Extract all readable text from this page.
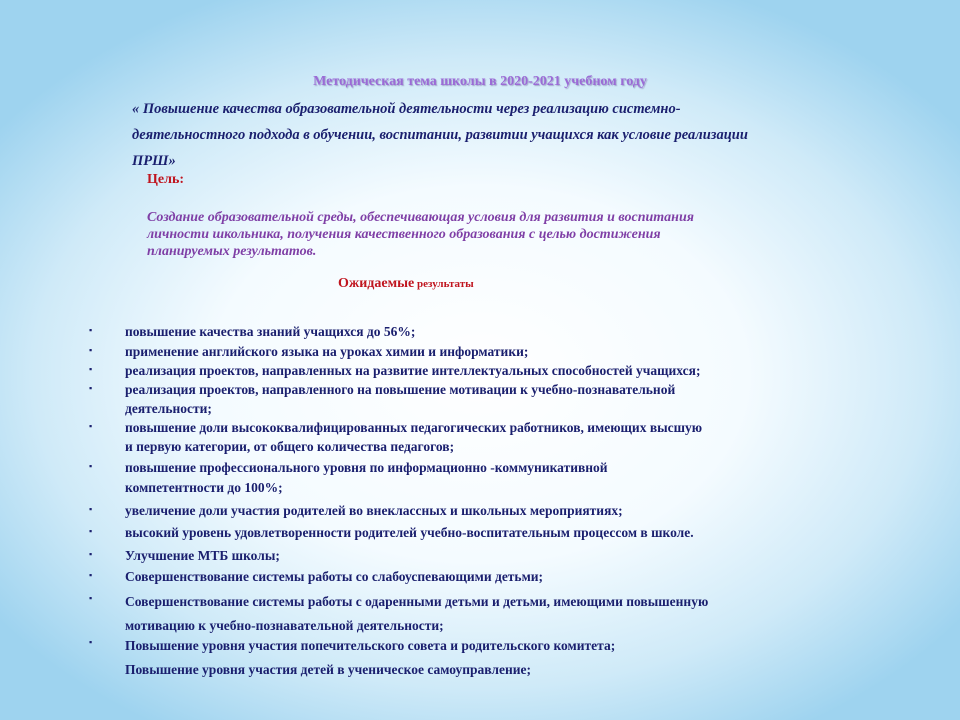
Методическая тема школы в 2020-2021 учебном году

« Повышение качества образовательной деятельности через реализацию системно-
деятельностного подхода в обучении, воспитании, развитии учащихся как условие реализации
ПРШ»
Цель:
Создание образовательной среды, обеспечивающая условия для развития и воспитания
личности школьника, получения качественного образования с целью достижения
планируемых результатов.
Ожидаемые результаты
▪	повышение качества знаний учащихся до 56%;
▪	применение английского языка на уроках химии и информатики;
▪	реализация проектов, направленных на развитие интеллектуальных способностей учащихся;
▪	реализация проектов, направленного на повышение мотивации к учебно-познавательной
деятельности;
▪	повышение доли высококвалифицированных педагогических работников, имеющих высшую
и первую категории, от общего количества педагогов;
▪	повышение профессионального уровня по информационно -коммуникативной
компетентности до 100%;
▪	увеличение доли участия родителей во внеклассных и школьных мероприятиях;
▪	высокий уровень удовлетворенности родителей учебно-воспитательным процессом в школе.
▪	Улучшение МТБ школы;
▪	Совершенствование системы работы со слабоуспевающими детьми;
▪	Совершенствование системы работы с одаренными детьми и детьми, имеющими повышенную
мотивацию к учебно-познавательной деятельности;
▪	Повышение уровня участия попечительского совета и родительского комитета;
Повышение уровня участия детей в ученическое самоуправление;
